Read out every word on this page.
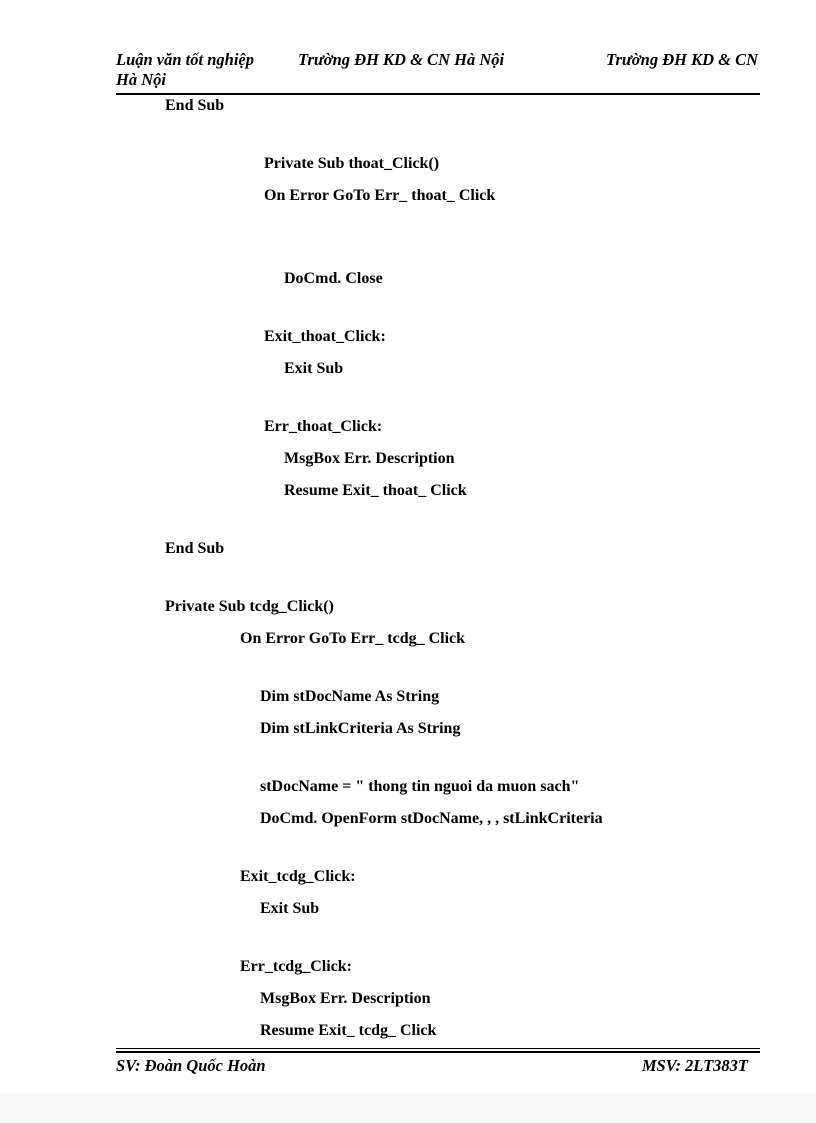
Luận văn tốt nghiệp	Trường ĐH KD & CN Hà Nội	Trường ĐH KD & CN
Hà Nội
End Sub
Private Sub thoat_Click()
On Error GoTo Err_ thoat_ Click
DoCmd. Close
Exit_thoat_Click:
Exit Sub
Err_thoat_Click:
MsgBox Err. Description
Resume Exit_ thoat_ Click
End Sub
Private Sub tcdg_Click()
On Error GoTo Err_ tcdg_ Click
Dim stDocName As String
Dim stLinkCriteria As String
stDocName = " thong tin nguoi da muon sach"
DoCmd. OpenForm stDocName, , , stLinkCriteria
Exit_tcdg_Click:
Exit Sub
Err_tcdg_Click:
MsgBox Err. Description
Resume Exit_ tcdg_ Click
SV: Đoàn Quốc Hoàn	MSV: 2LT383T
